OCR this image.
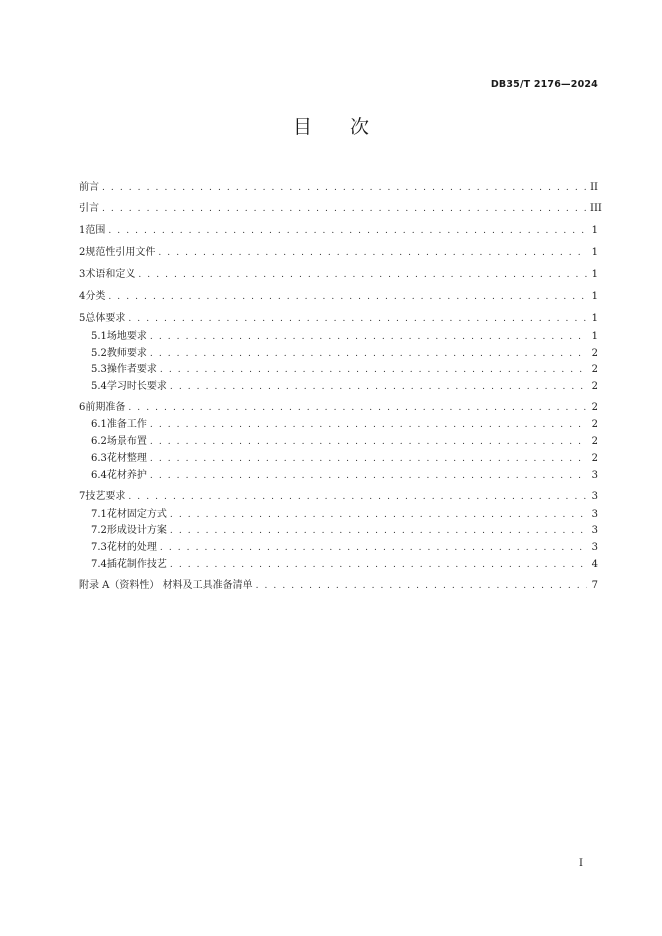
DB35/T 2176—2024
目 次
前言 . . .	II
引言 . . .	III
1 范围 . . .	1
2 规范性引用文件 . . .	1
3 术语和定义 . . .	1
4 分类 . . .	1
5 总体要求 . . .	1
5.1 场地要求 . . .	1
5.2 教师要求 . . .	2
5.3 操作者要求 . . .	2
5.4 学习时长要求 . . .	2
6 前期准备 . . .	2
6.1 准备工作 . . .	2
6.2 场景布置 . . .	2
6.3 花材整理 . . .	2
6.4 花材养护 . . .	3
7 技艺要求 . . .	3
7.1 花材固定方式 . . .	3
7.2 形成设计方案 . . .	3
7.3 花材的处理 . . .	3
7.4 插花制作技艺 . . .	4
附录 A（资料性） 材料及工具准备清单 . . .	7
I
